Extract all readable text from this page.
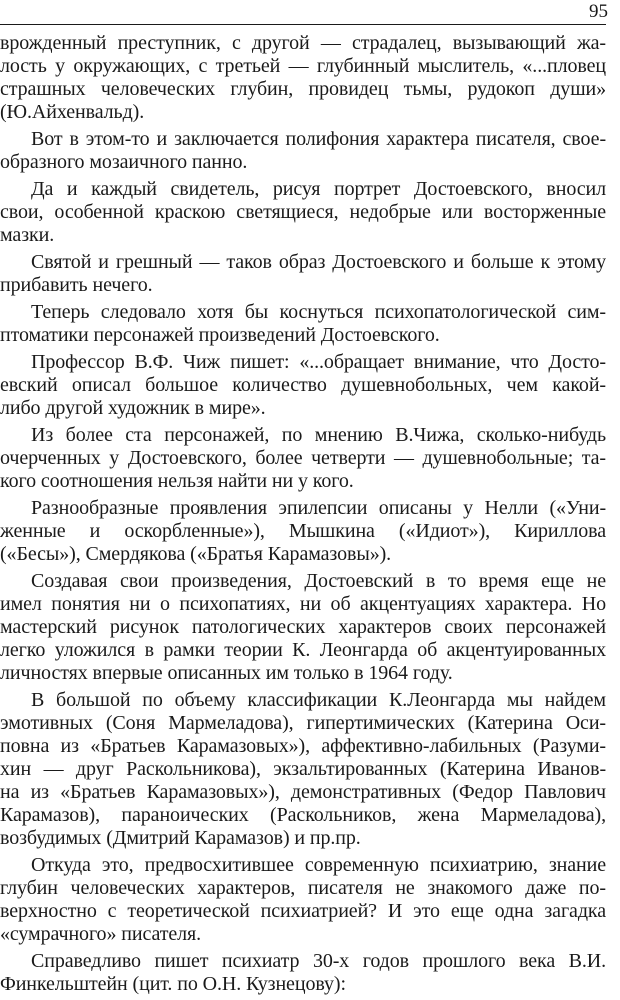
95
врожденный преступник, с другой — страдалец, вызывающий жа-
лость у окружающих, с третьей — глубинный мыслитель, «...пловец
страшных человеческих глубин, провидец тьмы, рудокоп души»
(Ю.Айхенвальд).
Вот в этом-то и заключается полифония характера писателя, свое-
образного мозаичного панно.
Да и каждый свидетель, рисуя портрет Достоевского, вносил
свои, особенной краскою светящиеся, недобрые или восторженные
мазки.
Святой и грешный — таков образ Достоевского и больше к этому
прибавить нечего.
Теперь следовало хотя бы коснуться психопатологической сим-
птоматики персонажей произведений Достоевского.
Профессор В.Ф. Чиж пишет: «...обращает внимание, что Досто-
евский описал большое количество душевнобольных, чем какой-
либо другой художник в мире».
Из более ста персонажей, по мнению В.Чижа, сколько-нибудь
очерченных у Достоевского, более четверти — душевнобольные; та-
кого соотношения нельзя найти ни у кого.
Разнообразные проявления эпилепсии описаны у Нелли («Уни-
женные и оскорбленные»), Мышкина («Идиот»), Кириллова
(«Бесы»), Смердякова («Братья Карамазовы»).
Создавая свои произведения, Достоевский в то время еще не
имел понятия ни о психопатиях, ни об акцентуациях характера. Но
мастерский рисунок патологических характеров своих персонажей
легко уложился в рамки теории К. Леонгарда об акцентуированных
личностях впервые описанных им только в 1964 году.
В большой по объему классификации К.Леонгарда мы найдем
эмотивных (Соня Мармеладова), гипертимических (Катерина Оси-
повна из «Братьев Карамазовых»), аффективно-лабильных (Разуми-
хин — друг Раскольникова), экзальтированных (Катерина Иванов-
на из «Братьев Карамазовых»), демонстративных (Федор Павлович
Карамазов), параноических (Раскольников, жена Мармеладова),
возбудимых (Дмитрий Карамазов) и пр.пр.
Откуда это, предвосхитившее современную психиатрию, знание
глубин человеческих характеров, писателя не знакомого даже по-
верхностно с теоретической психиатрией? И это еще одна загадка
«сумрачного» писателя.
Справедливо пишет психиатр 30-х годов прошлого века В.И.
Финкельштейн (цит. по О.Н. Кузнецову):
